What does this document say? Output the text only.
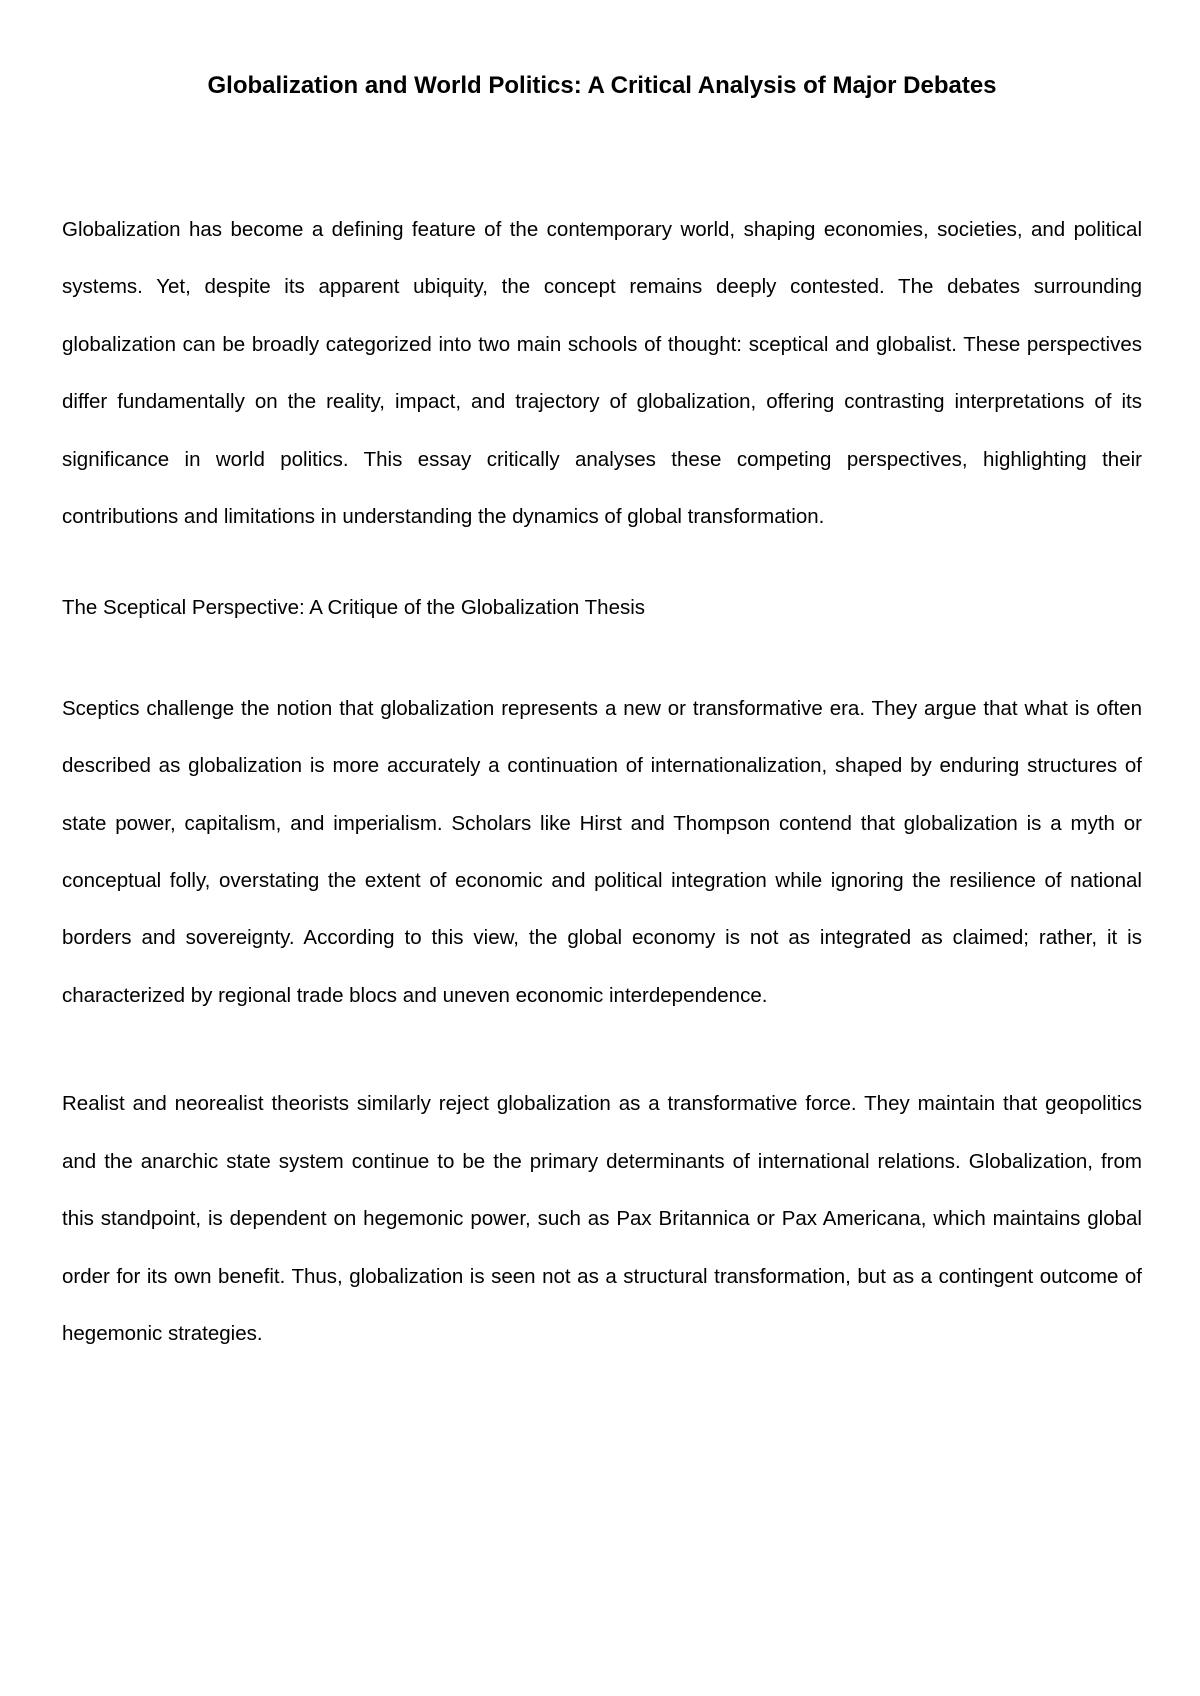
Globalization and World Politics: A Critical Analysis of Major Debates

Globalization has become a defining feature of the contemporary world, shaping economies, societies, and political systems. Yet, despite its apparent ubiquity, the concept remains deeply contested. The debates surrounding globalization can be broadly categorized into two main schools of thought: sceptical and globalist. These perspectives differ fundamentally on the reality, impact, and trajectory of globalization, offering contrasting interpretations of its significance in world politics. This essay critically analyses these competing perspectives, highlighting their contributions and limitations in understanding the dynamics of global transformation.

The Sceptical Perspective: A Critique of the Globalization Thesis

Sceptics challenge the notion that globalization represents a new or transformative era. They argue that what is often described as globalization is more accurately a continuation of internationalization, shaped by enduring structures of state power, capitalism, and imperialism. Scholars like Hirst and Thompson contend that globalization is a myth or conceptual folly, overstating the extent of economic and political integration while ignoring the resilience of national borders and sovereignty. According to this view, the global economy is not as integrated as claimed; rather, it is characterized by regional trade blocs and uneven economic interdependence.

Realist and neorealist theorists similarly reject globalization as a transformative force. They maintain that geopolitics and the anarchic state system continue to be the primary determinants of international relations. Globalization, from this standpoint, is dependent on hegemonic power, such as Pax Britannica or Pax Americana, which maintains global order for its own benefit. Thus, globalization is seen not as a structural transformation, but as a contingent outcome of hegemonic strategies.
